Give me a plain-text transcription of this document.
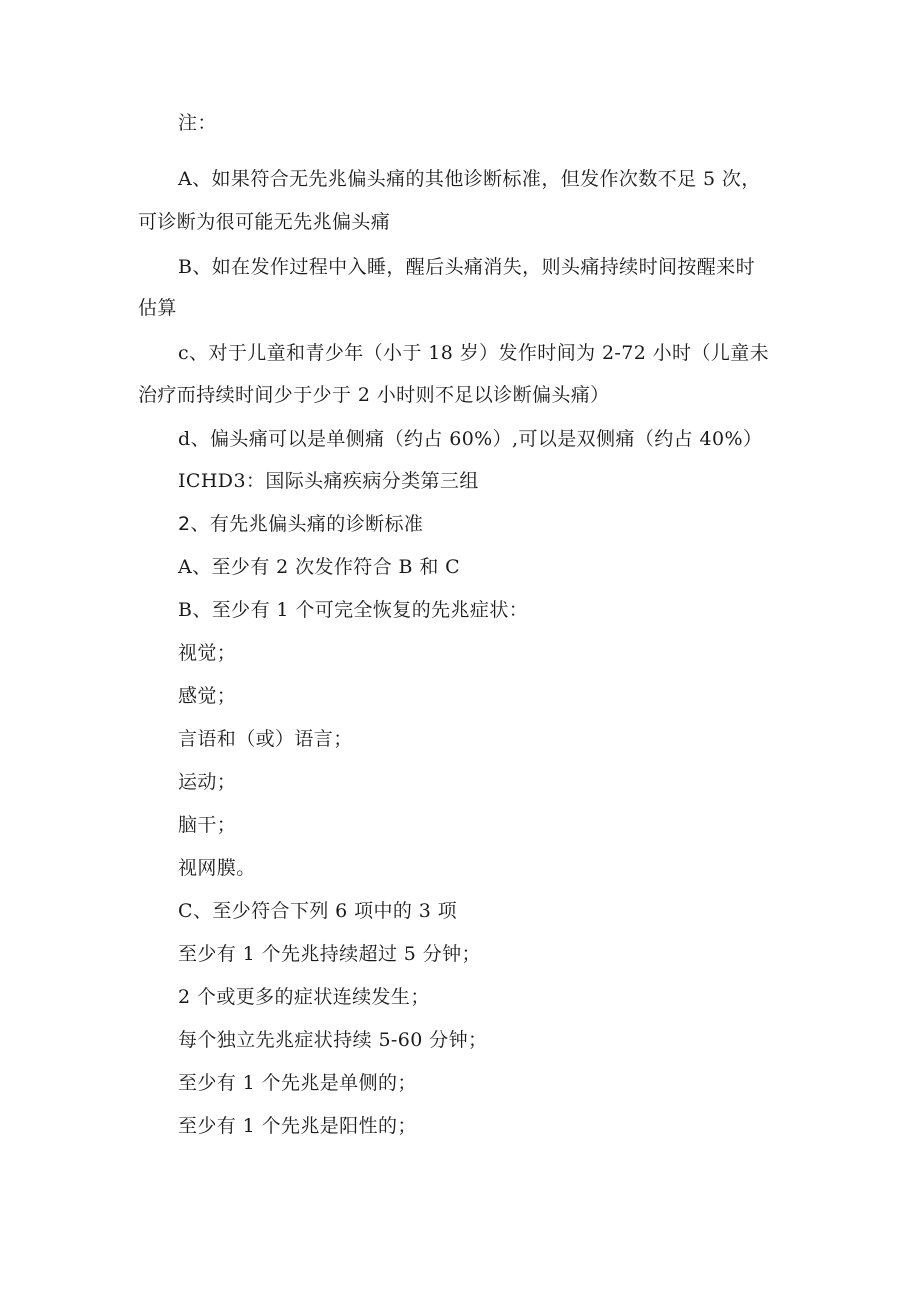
注：
A、如果符合无先兆偏头痛的其他诊断标准，但发作次数不足 5 次，
可诊断为很可能无先兆偏头痛
B、如在发作过程中入睡，醒后头痛消失，则头痛持续时间按醒来时
估算
c、对于儿童和青少年（小于 18 岁）发作时间为 2-72 小时（儿童未
治疗而持续时间少于少于 2 小时则不足以诊断偏头痛）
d、偏头痛可以是单侧痛（约占 60%）,可以是双侧痛（约占 40%）
ICHD3：国际头痛疾病分类第三组
2、有先兆偏头痛的诊断标准
A、至少有 2 次发作符合 B 和 C
B、至少有 1 个可完全恢复的先兆症状：
视觉；
感觉；
言语和（或）语言；
运动；
脑干；
视网膜。
C、至少符合下列 6 项中的 3 项
至少有 1 个先兆持续超过 5 分钟；
2 个或更多的症状连续发生；
每个独立先兆症状持续 5-60 分钟；
至少有 1 个先兆是单侧的；
至少有 1 个先兆是阳性的；
